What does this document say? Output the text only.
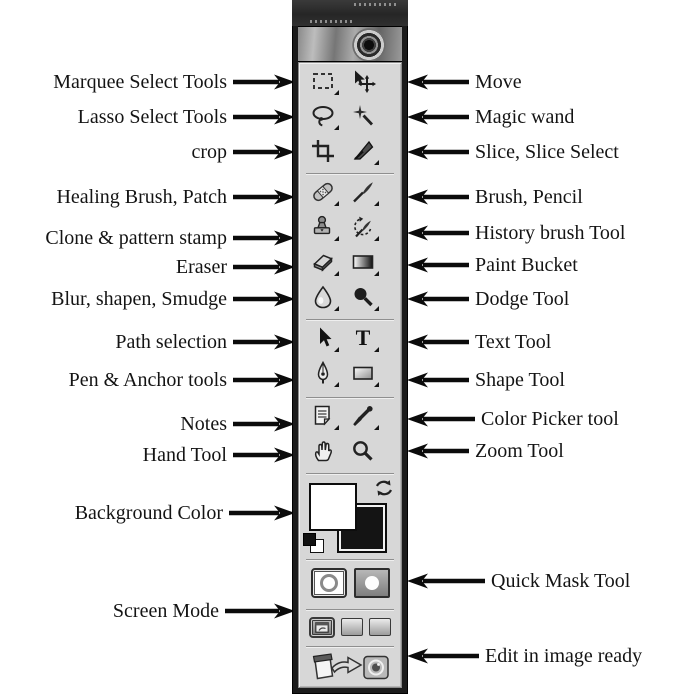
Marquee Select Tools
Lasso Select Tools
crop
Healing Brush, Patch
Clone & pattern stamp
Eraser
Blur, shapen, Smudge
Path selection
Pen & Anchor tools
Notes
Hand Tool
Background Color
Screen Mode
Move
Magic wand
Slice, Slice Select
Brush, Pencil
History brush Tool
Paint Bucket
Dodge Tool
Text Tool
Shape Tool
Color Picker tool
Zoom Tool
Quick Mask Tool
Edit in image ready
T
